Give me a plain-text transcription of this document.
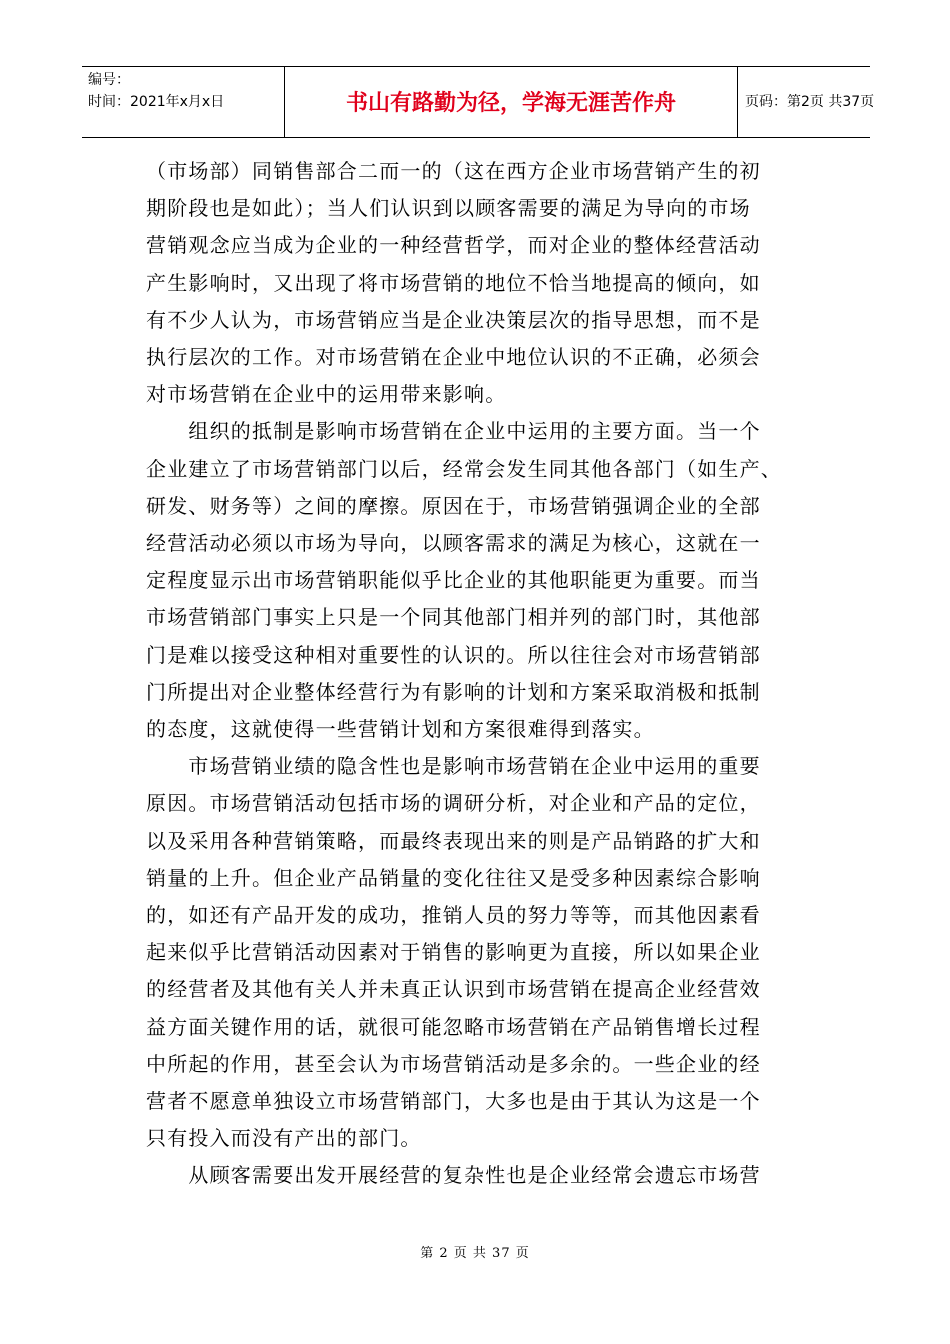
编号：
时间：2021年x月x日	书山有路勤为径，学海无涯苦作舟	页码：第2页 共37页

（市场部）同销售部合二而一的（这在西方企业市场营销产生的初

期阶段也是如此）；当人们认识到以顾客需要的满足为导向的市场

营销观念应当成为企业的一种经营哲学，而对企业的整体经营活动

产生影响时，又出现了将市场营销的地位不恰当地提高的倾向，如

有不少人认为，市场营销应当是企业决策层次的指导思想，而不是

执行层次的工作。对市场营销在企业中地位认识的不正确，必须会

对市场营销在企业中的运用带来影响。

　　组织的抵制是影响市场营销在企业中运用的主要方面。当一个

企业建立了市场营销部门以后，经常会发生同其他各部门（如生产、

研发、财务等）之间的摩擦。原因在于，市场营销强调企业的全部

经营活动必须以市场为导向，以顾客需求的满足为核心，这就在一

定程度显示出市场营销职能似乎比企业的其他职能更为重要。而当

市场营销部门事实上只是一个同其他部门相并列的部门时，其他部

门是难以接受这种相对重要性的认识的。所以往往会对市场营销部

门所提出对企业整体经营行为有影响的计划和方案采取消极和抵制

的态度，这就使得一些营销计划和方案很难得到落实。

　　市场营销业绩的隐含性也是影响市场营销在企业中运用的重要

原因。市场营销活动包括市场的调研分析，对企业和产品的定位，

以及采用各种营销策略，而最终表现出来的则是产品销路的扩大和

销量的上升。但企业产品销量的变化往往又是受多种因素综合影响

的，如还有产品开发的成功，推销人员的努力等等，而其他因素看

起来似乎比营销活动因素对于销售的影响更为直接，所以如果企业

的经营者及其他有关人并未真正认识到市场营销在提高企业经营效

益方面关键作用的话，就很可能忽略市场营销在产品销售增长过程

中所起的作用，甚至会认为市场营销活动是多余的。一些企业的经

营者不愿意单独设立市场营销部门，大多也是由于其认为这是一个

只有投入而没有产出的部门。

　　从顾客需要出发开展经营的复杂性也是企业经常会遗忘市场营

第 2 页 共 37 页
